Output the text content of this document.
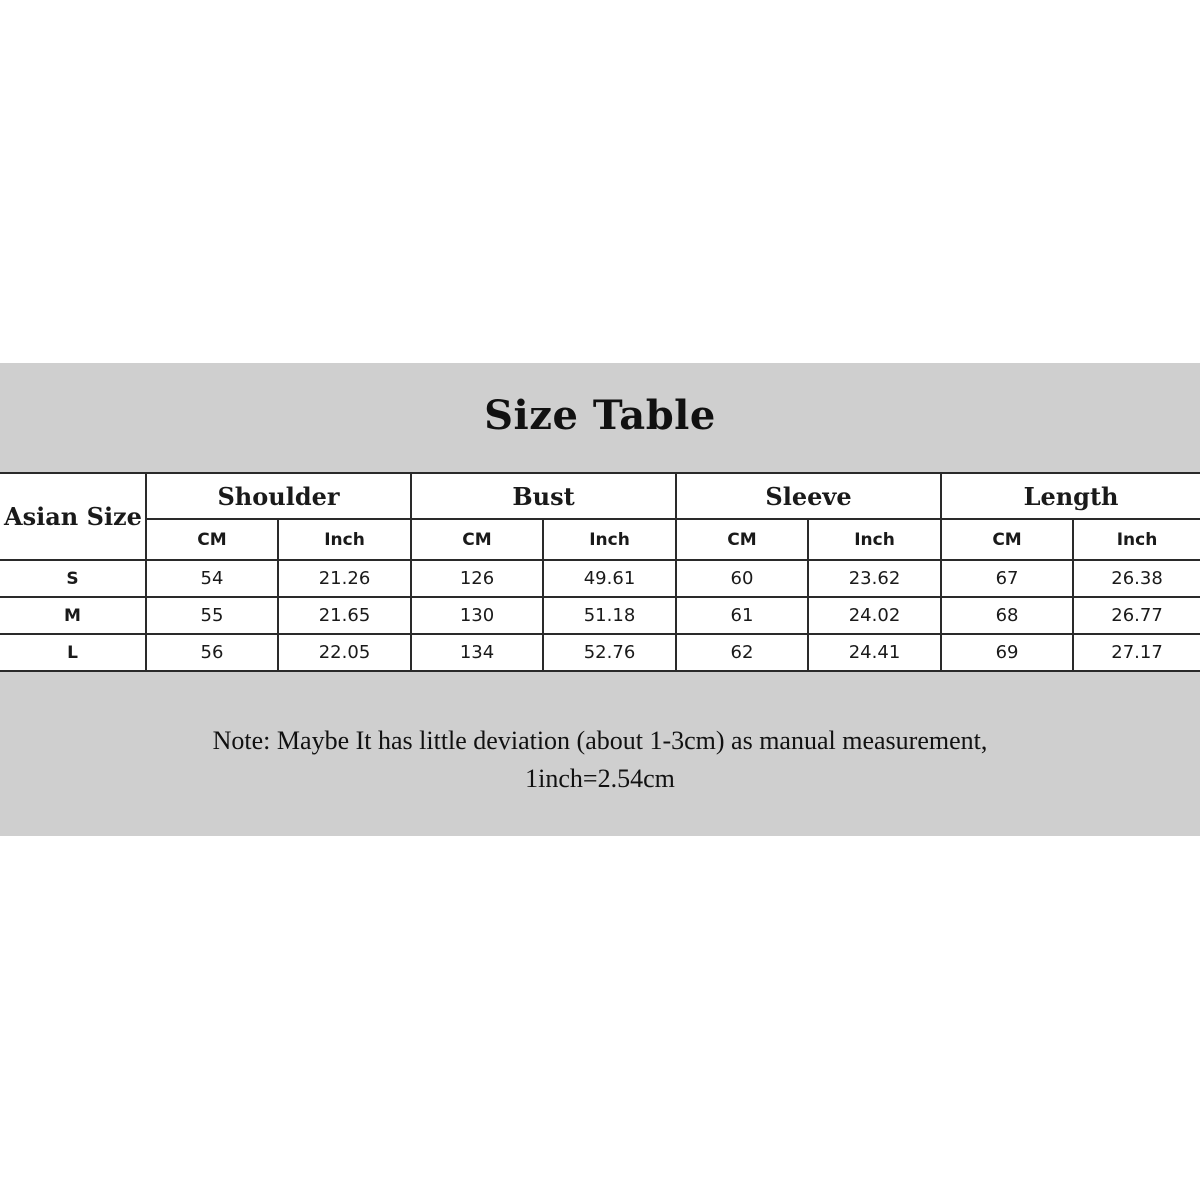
Size Table
Asian Size	Shoulder		Bust		Sleeve		Length	
	CM	Inch	CM	Inch	CM	Inch	CM	Inch
S	54	21.26	126	49.61	60	23.62	67	26.38
M	55	21.65	130	51.18	61	24.02	68	26.77
L	56	22.05	134	52.76	62	24.41	69	27.17
Note: Maybe It has little deviation (about 1-3cm) as manual measurement,
1inch=2.54cm
